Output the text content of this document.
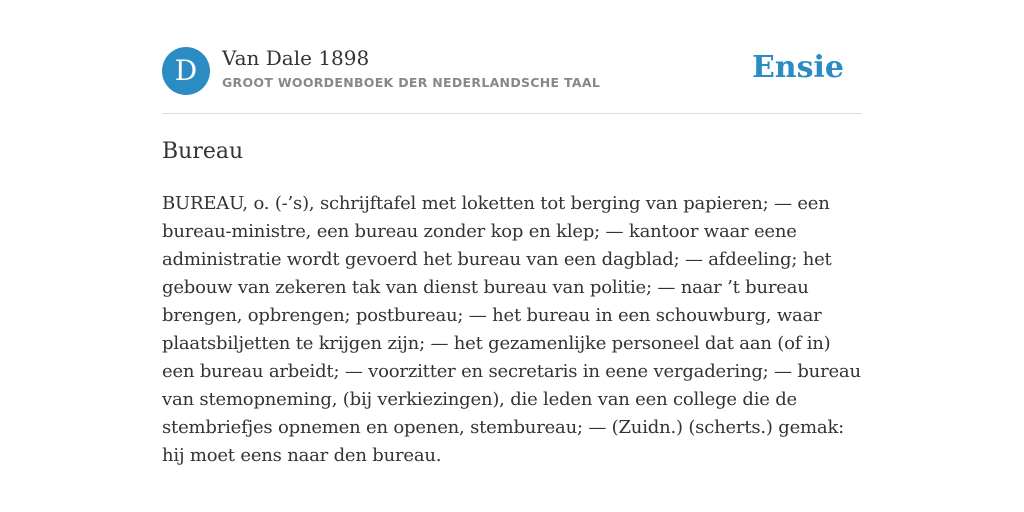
D	Van Dale 1898
GROOT WOORDENBOEK DER NEDERLANDSCHE TAAL	Ensie
Bureau

BUREAU, o. (-’s), schrijftafel met loketten tot berging van papieren; — een bureau-ministre, een bureau zonder kop en klep; — kantoor waar eene administratie wordt gevoerd het bureau van een dagblad; — afdeeling; het gebouw van zekeren tak van dienst bureau van politie; — naar ’t bureau brengen, opbrengen; postbureau; — het bureau in een schouwburg, waar plaatsbiljetten te krijgen zijn; — het gezamenlijke personeel dat aan (of in) een bureau arbeidt; — voorzitter en secretaris in eene vergadering; — bureau van stemopneming, (bij verkiezingen), die leden van een college die de stembriefjes opnemen en openen, stembureau; — (Zuidn.) (scherts.) gemak: hij moet eens naar den bureau.
